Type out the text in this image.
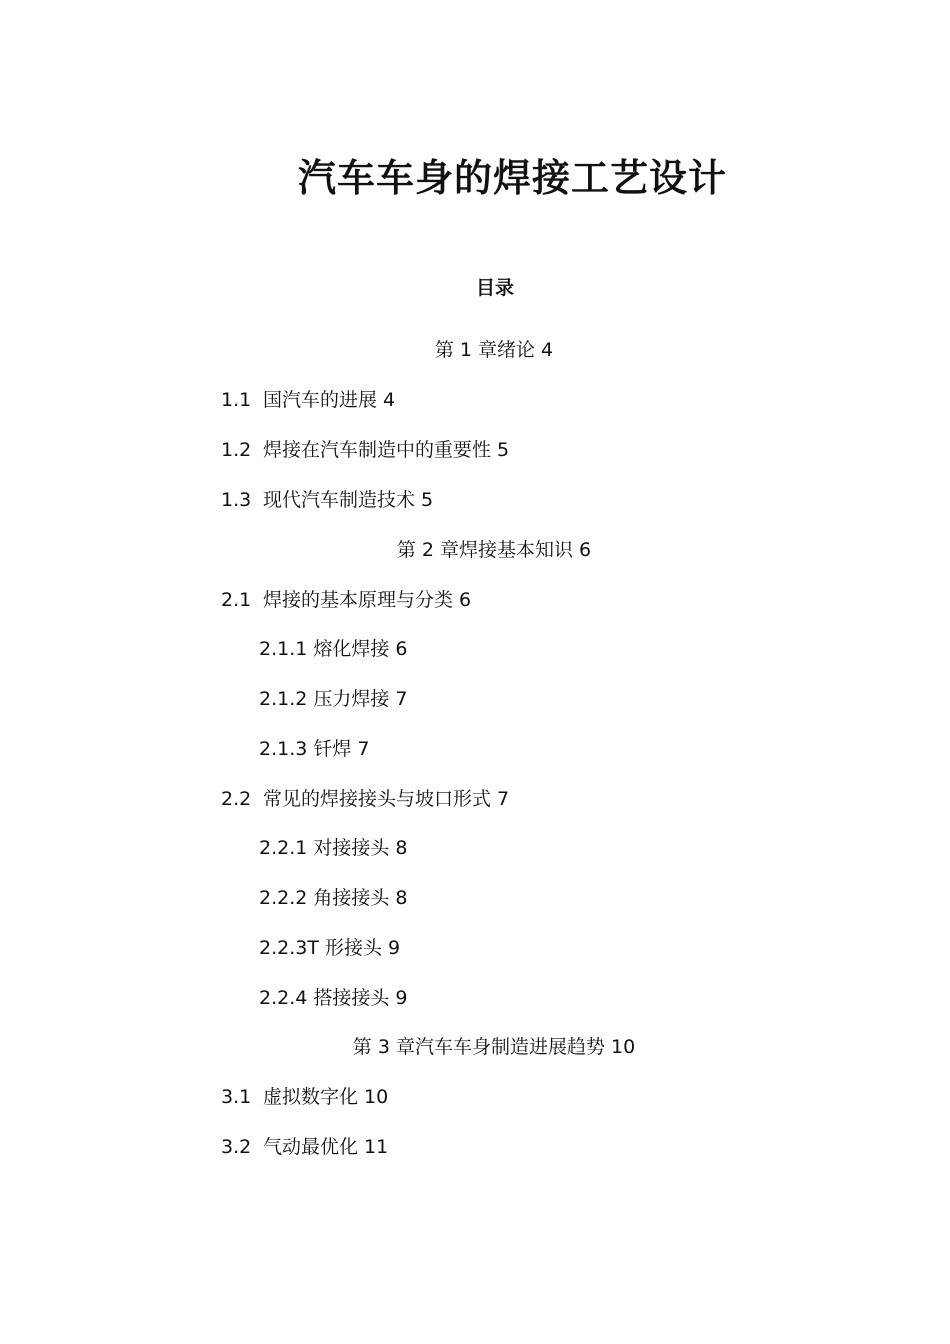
汽车车身的焊接工艺设计
目录
第 1 章绪论 4
1.1 国汽车的进展 4
1.2 焊接在汽车制造中的重要性 5
1.3 现代汽车制造技术 5
第 2 章焊接基本知识 6
2.1 焊接的基本原理与分类 6
2.1.1 熔化焊接 6
2.1.2 压力焊接 7
2.1.3 钎焊 7
2.2 常见的焊接接头与坡口形式 7
2.2.1 对接接头 8
2.2.2 角接接头 8
2.2.3T 形接头 9
2.2.4 搭接接头 9
第 3 章汽车车身制造进展趋势 10
3.1 虚拟数字化 10
3.2 气动最优化 11
